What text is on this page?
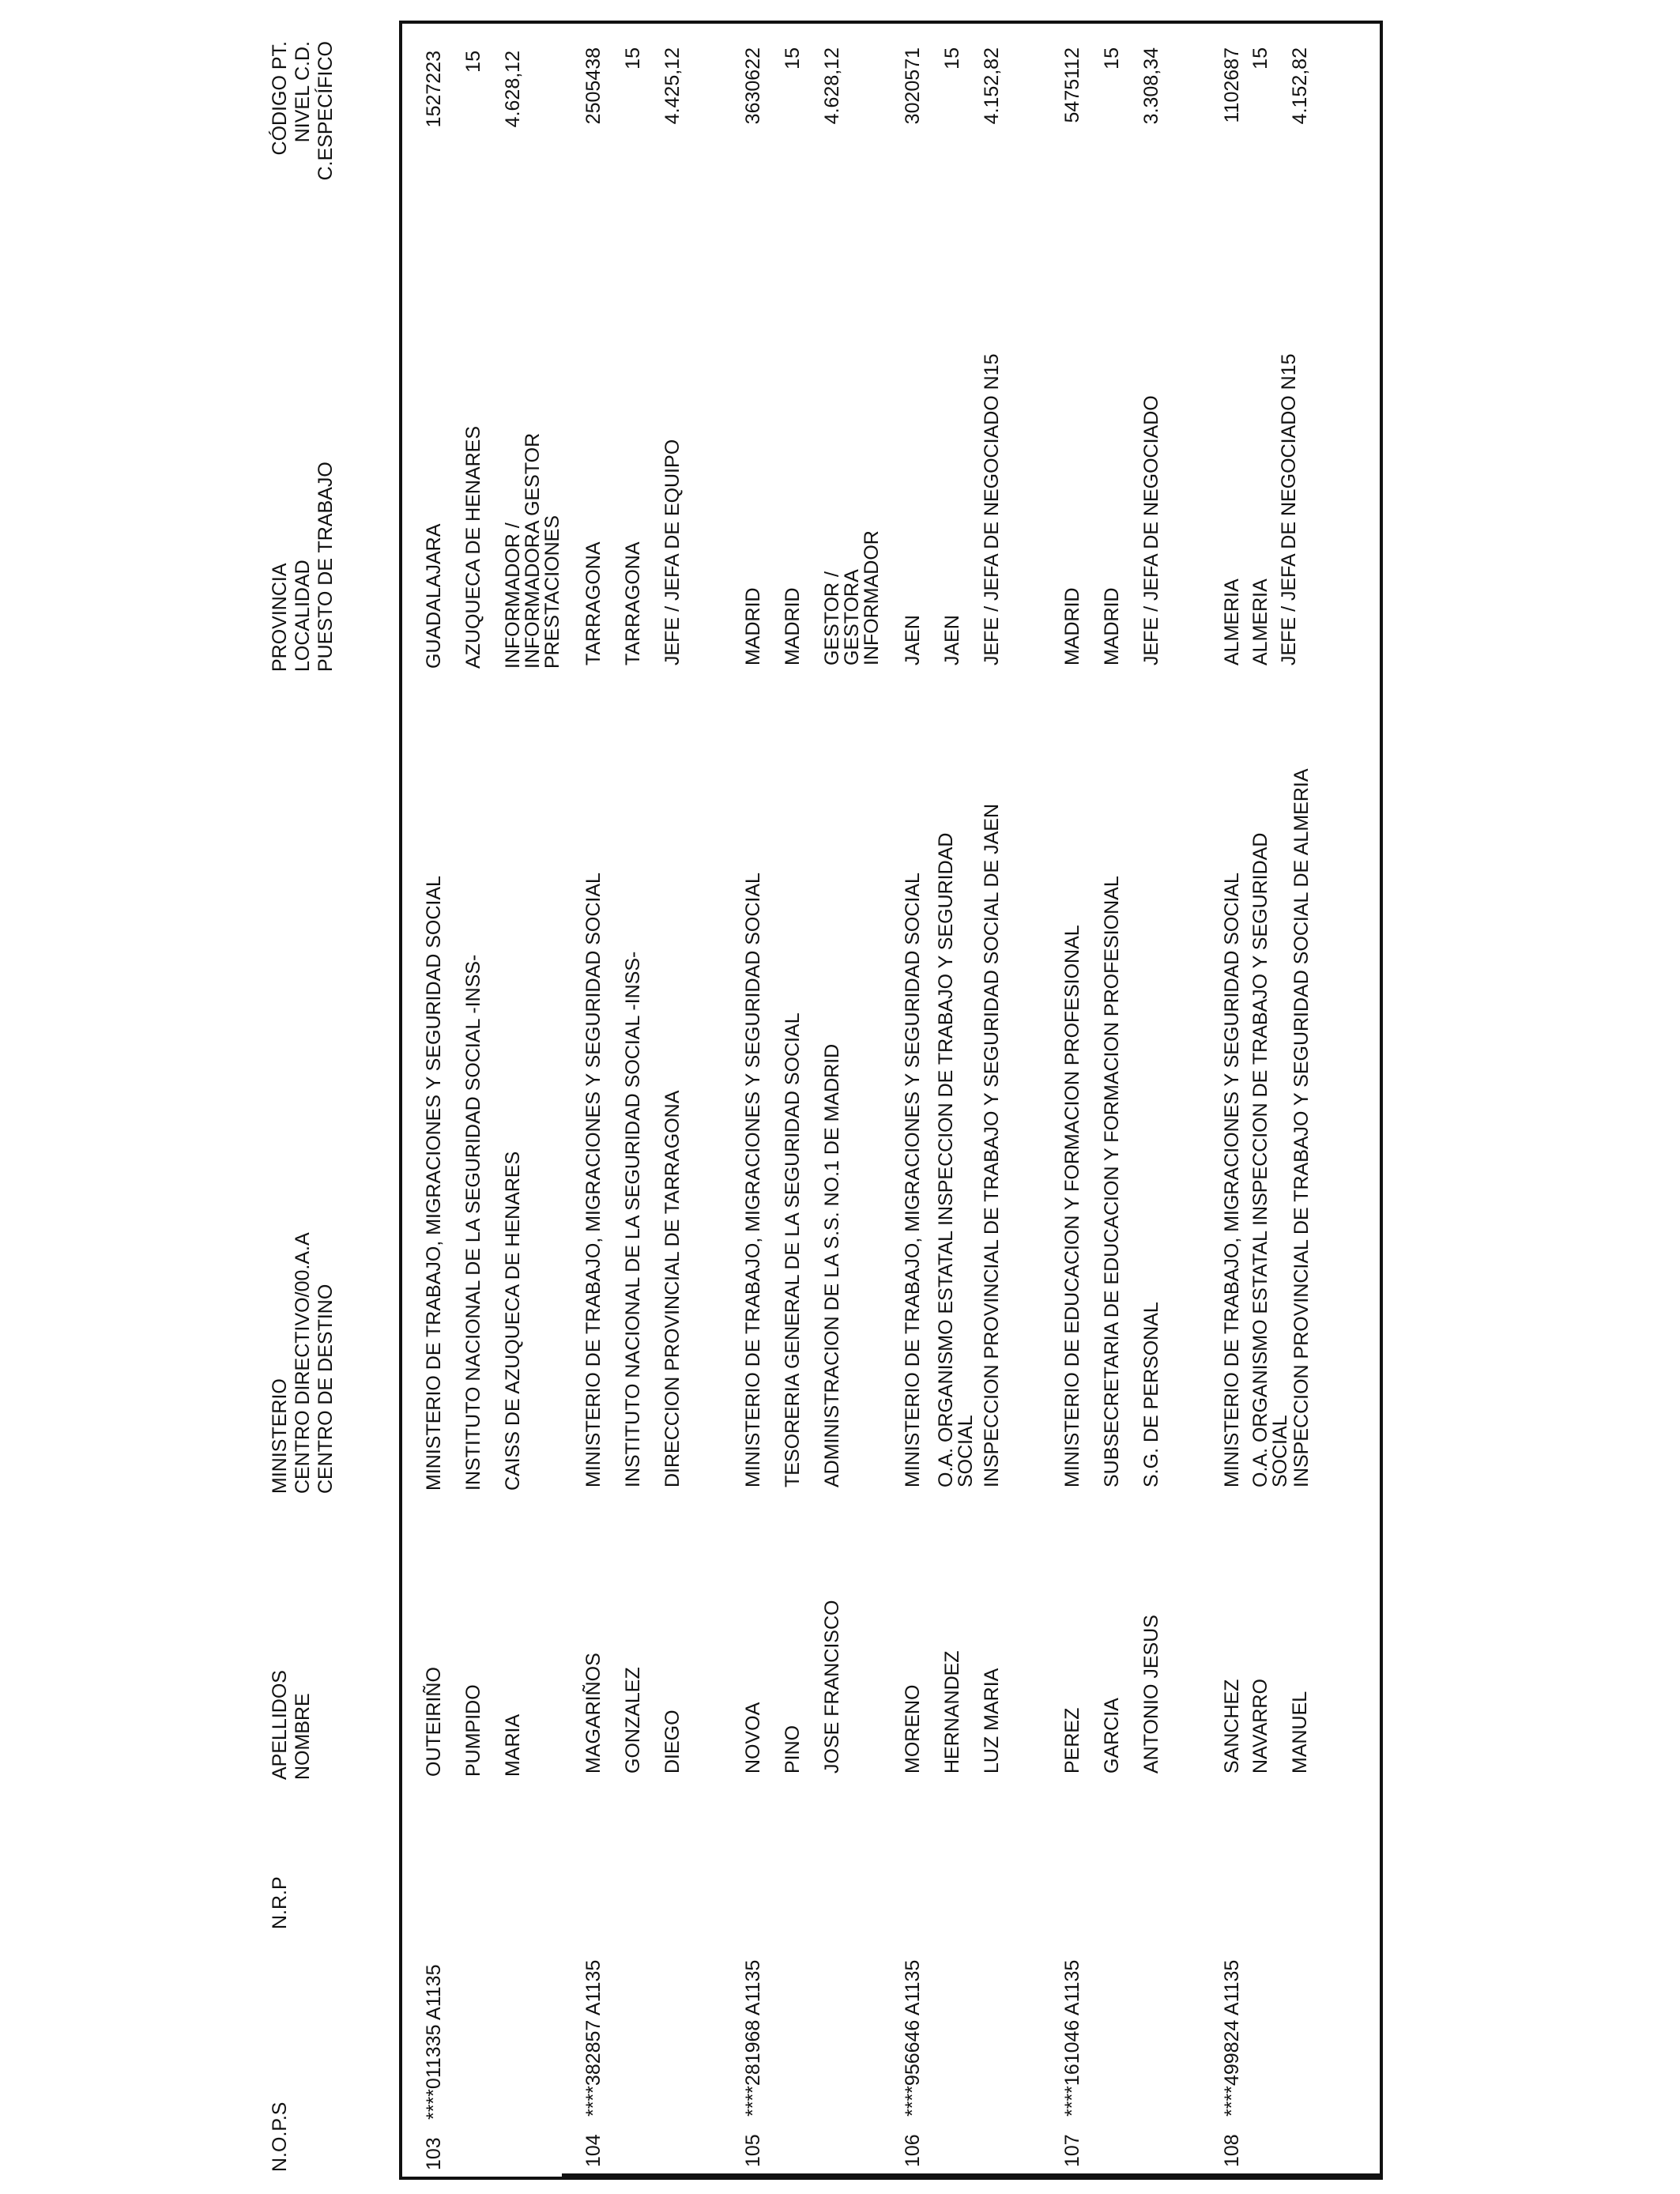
N.O.P.S
N.R.P
APELLIDOS NOMBRE
MINISTERIO CENTRO DIRECTIVO/00.A.A CENTRO DE DESTINO
PROVINCIA LOCALIDAD PUESTO DE TRABAJO
CÓDIGO PT. NIVEL C.D. C.ESPECÍFICO
103
****011335 A1135
OUTEIRIÑO PUMPIDO MARIA
MINISTERIO DE TRABAJO, MIGRACIONES Y SEGURIDAD SOCIAL INSTITUTO NACIONAL DE LA SEGURIDAD SOCIAL -INSS- CAISS DE AZUQUECA DE HENARES
GUADALAJARA AZUQUECA DE HENARES INFORMADOR / INFORMADORA GESTOR PRESTACIONES
1527223 15 4.628,12
104
****382857 A1135
MAGARIÑOS GONZALEZ DIEGO
MINISTERIO DE TRABAJO, MIGRACIONES Y SEGURIDAD SOCIAL INSTITUTO NACIONAL DE LA SEGURIDAD SOCIAL -INSS- DIRECCION PROVINCIAL DE TARRAGONA
TARRAGONA TARRAGONA JEFE / JEFA DE EQUIPO
2505438 15 4.425,12
105
****281968 A1135
NOVOA PINO JOSE FRANCISCO
MINISTERIO DE TRABAJO, MIGRACIONES Y SEGURIDAD SOCIAL TESORERIA GENERAL DE LA SEGURIDAD SOCIAL ADMINISTRACION DE LA S.S. NO.1 DE MADRID
MADRID MADRID GESTOR / GESTORA INFORMADOR
3630622 15 4.628,12
106
****956646 A1135
MORENO HERNANDEZ LUZ MARIA
MINISTERIO DE TRABAJO, MIGRACIONES Y SEGURIDAD SOCIAL O.A. ORGANISMO ESTATAL INSPECCION DE TRABAJO Y SEGURIDAD SOCIAL INSPECCION PROVINCIAL DE TRABAJO Y SEGURIDAD SOCIAL DE JAEN
JAEN JAEN JEFE / JEFA DE NEGOCIADO N15
3020571 15 4.152,82
107
****161046 A1135
PEREZ GARCIA ANTONIO JESUS
MINISTERIO DE EDUCACION Y FORMACION PROFESIONAL SUBSECRETARIA DE EDUCACION Y FORMACION PROFESIONAL S.G. DE PERSONAL
MADRID MADRID JEFE / JEFA DE NEGOCIADO
5475112 15 3.308,34
108
****499824 A1135
SANCHEZ NAVARRO MANUEL
MINISTERIO DE TRABAJO, MIGRACIONES Y SEGURIDAD SOCIAL O.A. ORGANISMO ESTATAL INSPECCION DE TRABAJO Y SEGURIDAD SOCIAL INSPECCION PROVINCIAL DE TRABAJO Y SEGURIDAD SOCIAL DE ALMERIA
ALMERIA ALMERIA JEFE / JEFA DE NEGOCIADO N15
1102687 15 4.152,82
